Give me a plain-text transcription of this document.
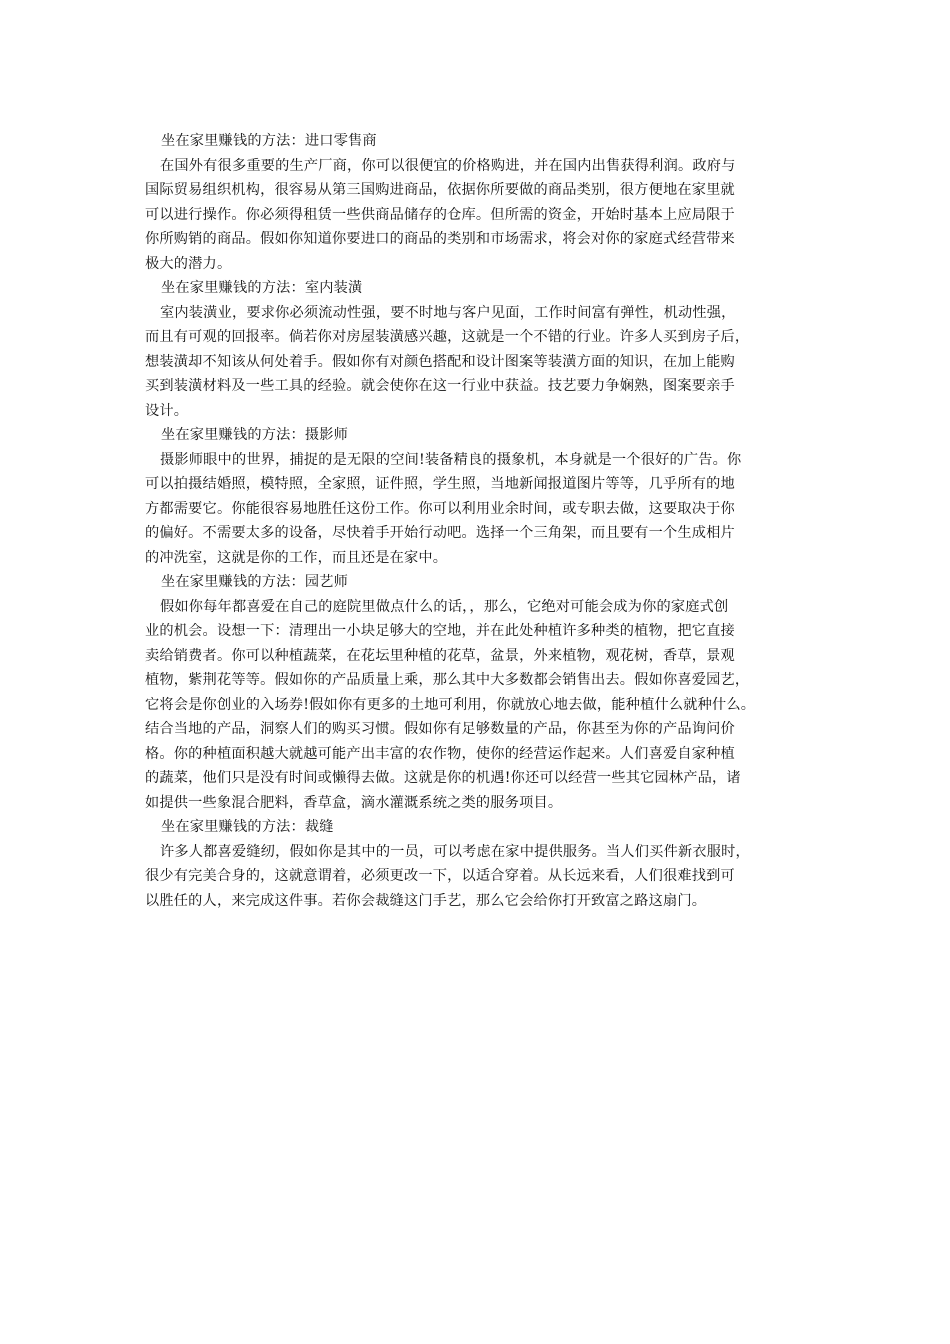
坐在家里赚钱的方法：进口零售商
在国外有很多重要的生产厂商，你可以很便宜的价格购进，并在国内出售获得利润。政府与
国际贸易组织机构，很容易从第三国购进商品，依据你所要做的商品类别，很方便地在家里就
可以进行操作。你必须得租赁一些供商品储存的仓库。但所需的资金，开始时基本上应局限于
你所购销的商品。假如你知道你要进口的商品的类别和市场需求，将会对你的家庭式经营带来
极大的潜力。
坐在家里赚钱的方法：室内装潢
室内装潢业，要求你必须流动性强，要不时地与客户见面，工作时间富有弹性，机动性强，
而且有可观的回报率。倘若你对房屋装潢感兴趣，这就是一个不错的行业。许多人买到房子后，
想装潢却不知该从何处着手。假如你有对颜色搭配和设计图案等装潢方面的知识，在加上能购
买到装潢材料及一些工具的经验。就会使你在这一行业中获益。技艺要力争娴熟，图案要亲手
设计。
坐在家里赚钱的方法：摄影师
摄影师眼中的世界，捕捉的是无限的空间!装备精良的摄象机，本身就是一个很好的广告。你
可以拍摄结婚照，模特照，全家照，证件照，学生照，当地新闻报道图片等等，几乎所有的地
方都需要它。你能很容易地胜任这份工作。你可以利用业余时间，或专职去做，这要取决于你
的偏好。不需要太多的设备，尽快着手开始行动吧。选择一个三角架，而且要有一个生成相片
的冲洗室，这就是你的工作，而且还是在家中。
坐在家里赚钱的方法：园艺师
假如你每年都喜爱在自己的庭院里做点什么的话，，那么，它绝对可能会成为你的家庭式创
业的机会。设想一下：清理出一小块足够大的空地，并在此处种植许多种类的植物，把它直接
卖给销费者。你可以种植蔬菜，在花坛里种植的花草，盆景，外来植物，观花树，香草，景观
植物，紫荆花等等。假如你的产品质量上乘，那么其中大多数都会销售出去。假如你喜爱园艺，
它将会是你创业的入场券!假如你有更多的土地可利用，你就放心地去做，能种植什么就种什么。
结合当地的产品，洞察人们的购买习惯。假如你有足够数量的产品，你甚至为你的产品询问价
格。你的种植面积越大就越可能产出丰富的农作物，使你的经营运作起来。人们喜爱自家种植
的蔬菜，他们只是没有时间或懒得去做。这就是你的机遇!你还可以经营一些其它园林产品，诸
如提供一些象混合肥料，香草盒，滴水灌溉系统之类的服务项目。
坐在家里赚钱的方法：裁缝
许多人都喜爱缝纫，假如你是其中的一员，可以考虑在家中提供服务。当人们买件新衣服时，
很少有完美合身的，这就意谓着，必须更改一下，以适合穿着。从长远来看，人们很难找到可
以胜任的人，来完成这件事。若你会裁缝这门手艺，那么它会给你打开致富之路这扇门。
